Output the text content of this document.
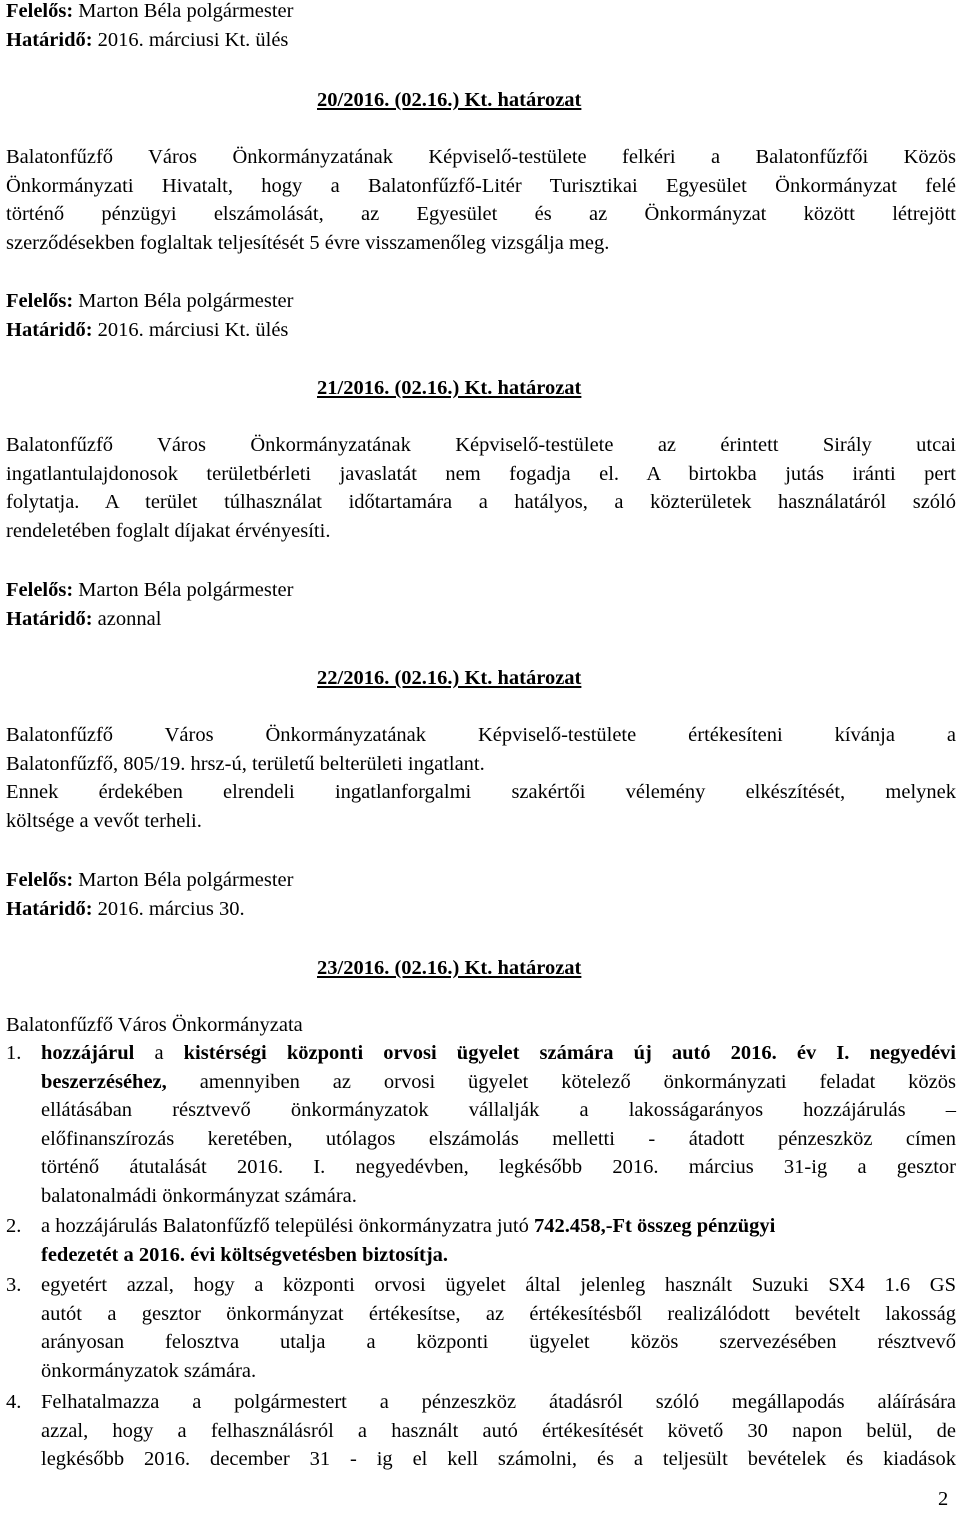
Felelős: Marton Béla polgármester
Határidő: 2016. márciusi Kt. ülés
20/2016. (02.16.) Kt. határozat
Balatonfűzfő Város Önkormányzatának Képviselő-testülete felkéri a Balatonfűzfői Közös
Önkormányzati Hivatalt, hogy a Balatonfűzfő-Litér Turisztikai Egyesület Önkormányzat felé
történő pénzügyi elszámolását, az Egyesület és az Önkormányzat között létrejött
szerződésekben foglaltak teljesítését 5 évre visszamenőleg vizsgálja meg.
Felelős: Marton Béla polgármester
Határidő: 2016. márciusi Kt. ülés
21/2016. (02.16.) Kt. határozat
Balatonfűzfő Város Önkormányzatának Képviselő-testülete az érintett Sirály utcai
ingatlantulajdonosok területbérleti javaslatát nem fogadja el. A birtokba jutás iránti pert
folytatja. A terület túlhasználat időtartamára a hatályos, a közterületek használatáról szóló
rendeletében foglalt díjakat érvényesíti.
Felelős: Marton Béla polgármester
Határidő: azonnal
22/2016. (02.16.) Kt. határozat
Balatonfűzfő Város Önkormányzatának Képviselő-testülete értékesíteni kívánja a
Balatonfűzfő, 805/19. hrsz-ú, területű belterületi ingatlant.
Ennek érdekében elrendeli ingatlanforgalmi szakértői vélemény elkészítését, melynek
költsége a vevőt terheli.
Felelős: Marton Béla polgármester
Határidő: 2016. március 30.
23/2016. (02.16.) Kt. határozat
Balatonfűzfő Város Önkormányzata
1. hozzájárul a kistérségi központi orvosi ügyelet számára új autó 2016. év I. negyedévi
beszerzéséhez, amennyiben az orvosi ügyelet kötelező önkormányzati feladat közös
ellátásában résztvevő önkormányzatok vállalják a lakosságarányos hozzájárulás –
előfinanszírozás keretében, utólagos elszámolás melletti - átadott pénzeszköz címen
történő átutalását 2016. I. negyedévben, legkésőbb 2016. március 31-ig a gesztor
balatonalmádi önkormányzat számára.
2. a hozzájárulás Balatonfűzfő települési önkormányzatra jutó 742.458,-Ft összeg pénzügyi
fedezetét a 2016. évi költségvetésben biztosítja.
3. egyetért azzal, hogy a központi orvosi ügyelet által jelenleg használt Suzuki SX4 1.6 GS
autót a gesztor önkormányzat értékesítse, az értékesítésből realizálódott bevételt lakosság
arányosan felosztva utalja a központi ügyelet közös szervezésében résztvevő
önkormányzatok számára.
4. Felhatalmazza a polgármestert a pénzeszköz átadásról szóló megállapodás aláírására
azzal, hogy a felhasználásról a használt autó értékesítését követő 30 napon belül, de
legkésőbb 2016. december 31 - ig el kell számolni, és a teljesült bevételek és kiadások
2
